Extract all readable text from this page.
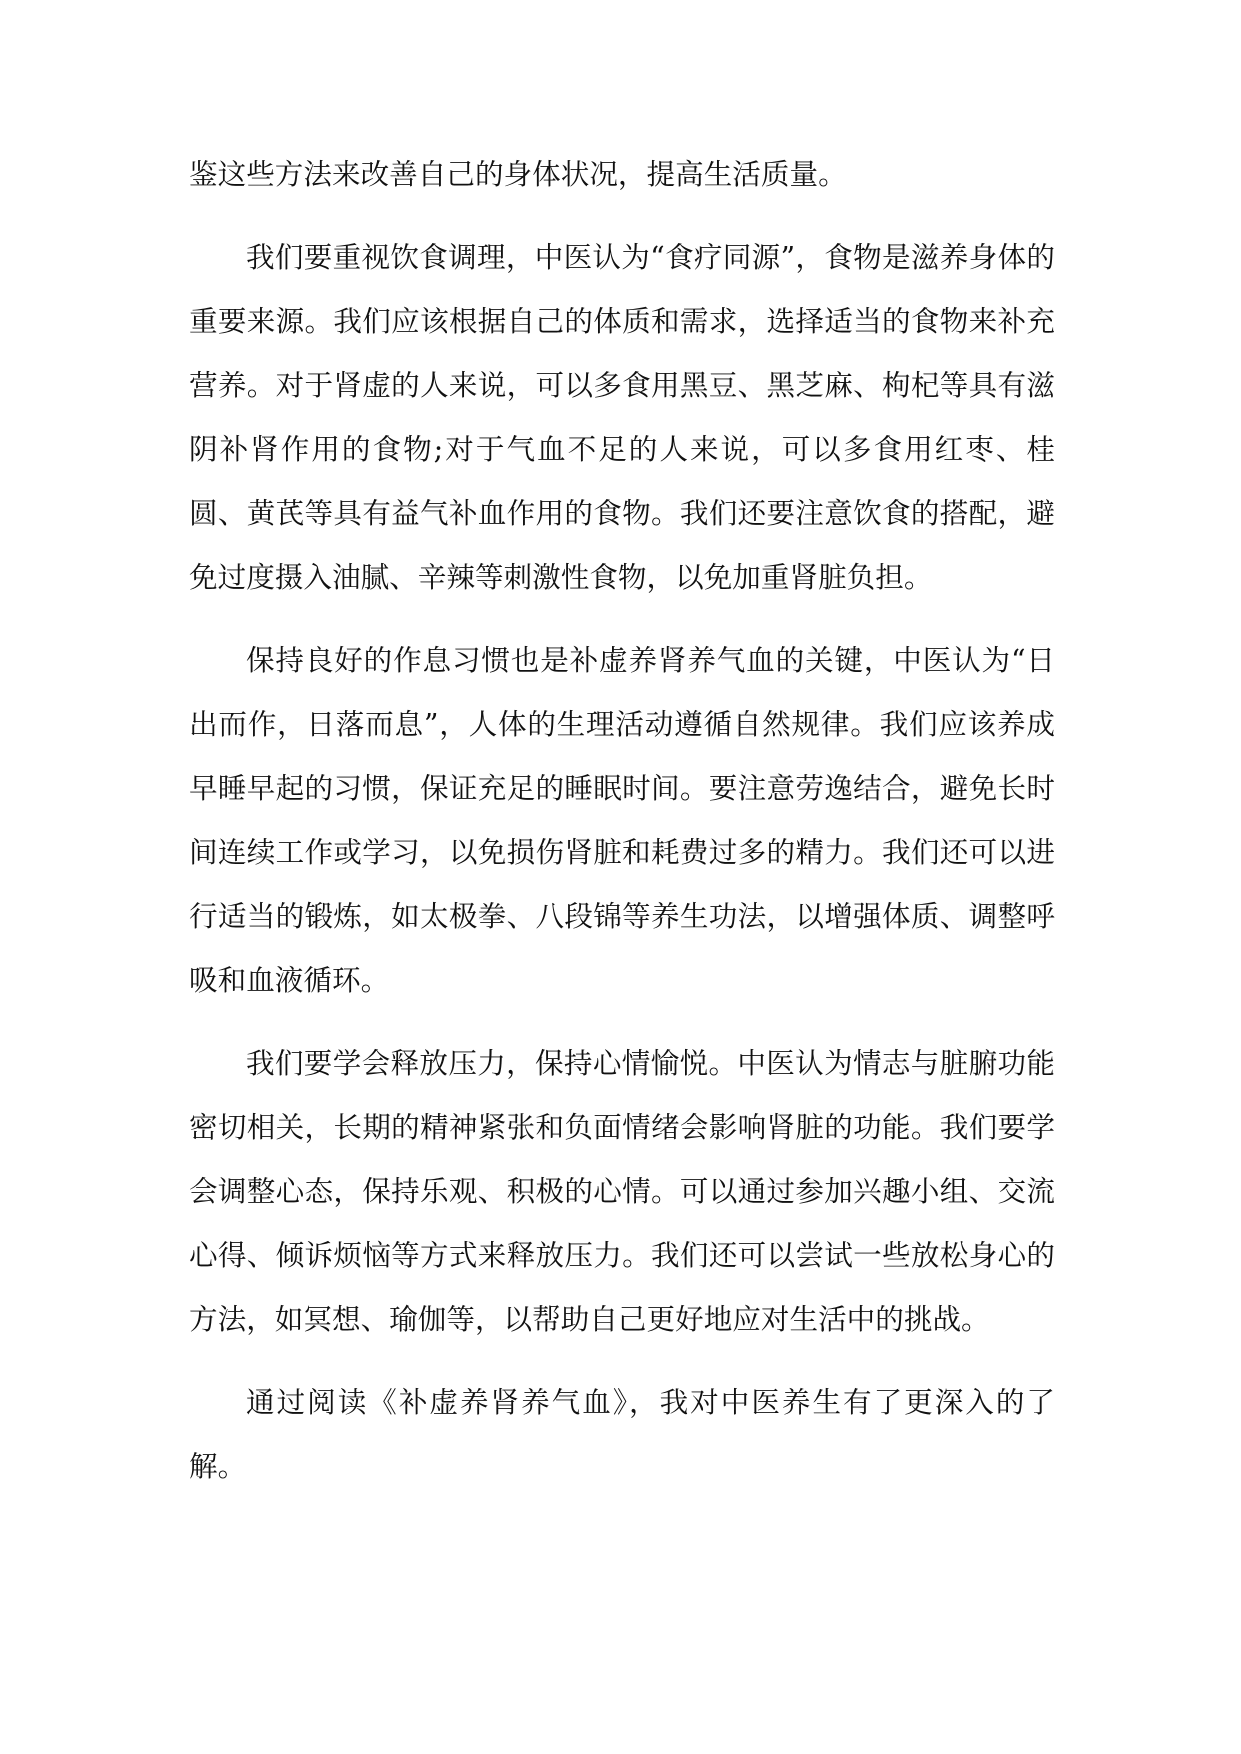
鉴这些方法来改善自己的身体状况，提高生活质量。

我们要重视饮食调理，中医认为“食疗同源”，食物是滋养身体的重要来源。我们应该根据自己的体质和需求，选择适当的食物来补充营养。对于肾虚的人来说，可以多食用黑豆、黑芝麻、枸杞等具有滋阴补肾作用的食物;对于气血不足的人来说，可以多食用红枣、桂圆、黄芪等具有益气补血作用的食物。我们还要注意饮食的搭配，避免过度摄入油腻、辛辣等刺激性食物，以免加重肾脏负担。

保持良好的作息习惯也是补虚养肾养气血的关键，中医认为“日出而作，日落而息”，人体的生理活动遵循自然规律。我们应该养成早睡早起的习惯，保证充足的睡眠时间。要注意劳逸结合，避免长时间连续工作或学习，以免损伤肾脏和耗费过多的精力。我们还可以进行适当的锻炼，如太极拳、八段锦等养生功法，以增强体质、调整呼吸和血液循环。

我们要学会释放压力，保持心情愉悦。中医认为情志与脏腑功能密切相关，长期的精神紧张和负面情绪会影响肾脏的功能。我们要学会调整心态，保持乐观、积极的心情。可以通过参加兴趣小组、交流心得、倾诉烦恼等方式来释放压力。我们还可以尝试一些放松身心的方法，如冥想、瑜伽等，以帮助自己更好地应对生活中的挑战。

通过阅读《补虚养肾养气血》，我对中医养生有了更深入的了解。
